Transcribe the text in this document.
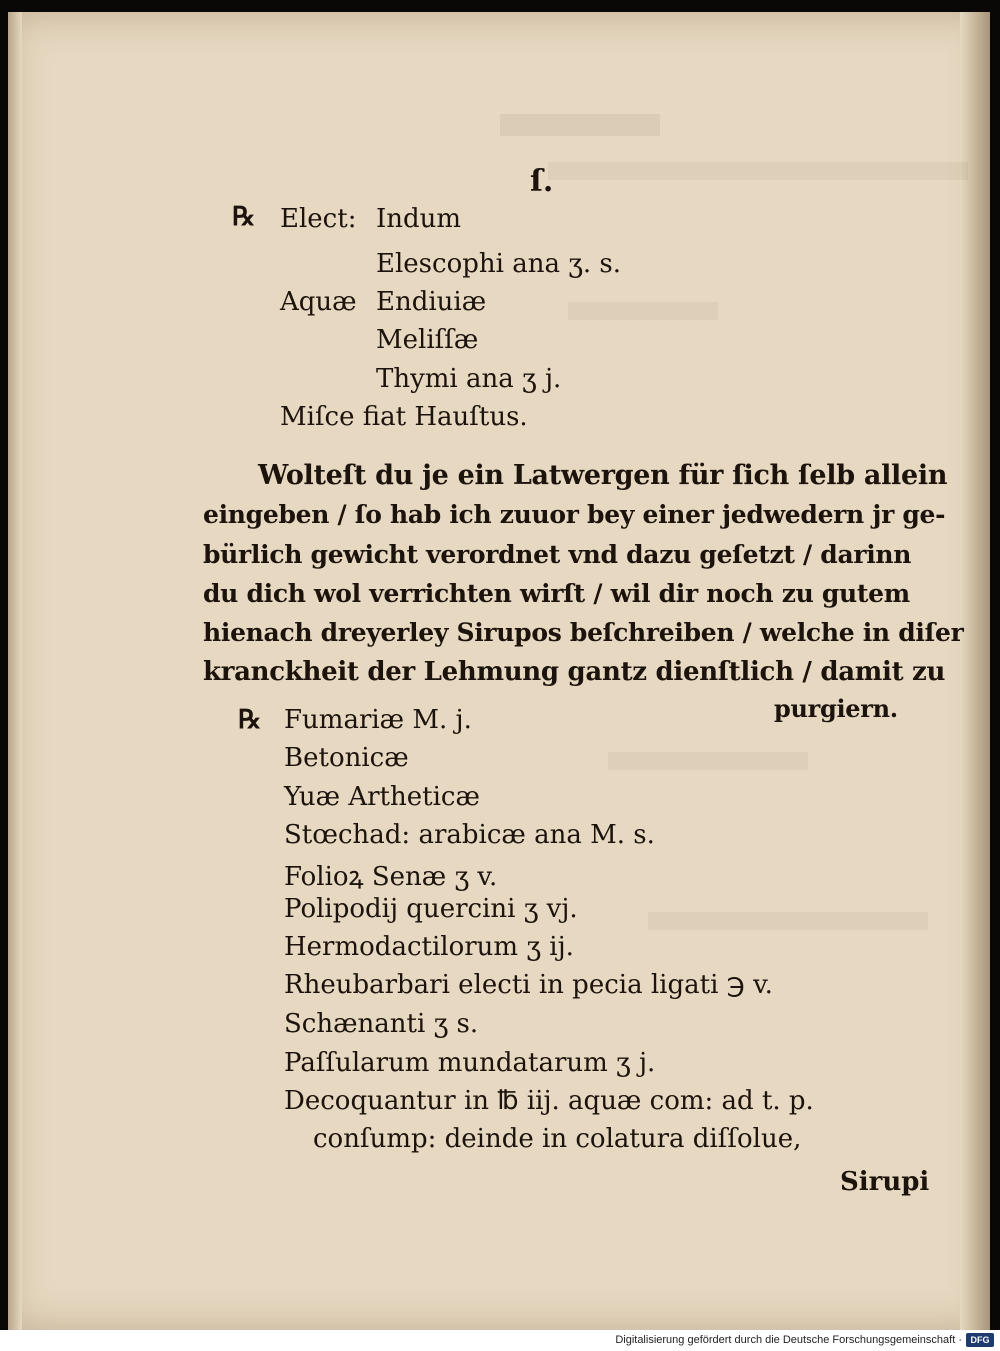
ſ.
℞ Elect: Indum
Elescophi ana ʒ. s.
Aquæ Endiuiæ
Meliſſæ
Thymi ana ʒ j.
Miſce fiat Hauſtus.
Wolteſt du je ein Latwergen für ſich ſelb allein
eingeben / ſo hab ich zuuor bey einer jedwedern jr ge-
bürlich gewicht verordnet vnd dazu geſetzt / darinn
du dich wol verrichten wirſt / wil dir noch zu gutem
hienach dreyerley Sirupos beſchreiben / welche in diſer
kranckheit der Lehmung gantz dienſtlich / damit zu
purgiern.
℞ Fumariæ M. j.
Betonicæ
Yuæ Artheticæ
Stœchad: arabicæ ana M. s.
Folioꝝ Senæ ʒ v.
Polipodij quercini ʒ vj.
Hermodactilorum ʒ ij.
Rheubarbari electi in pecia ligati ℈ v.
Schænanti ʒ s.
Paſſularum mundatarum ʒ j.
Decoquantur in ℔ iij. aquæ com: ad t. p.
conſump: deinde in colatura diſſolue,
Sirupi
Digitalisierung gefördert durch die Deutsche Forschungsgemeinschaft · DFG
